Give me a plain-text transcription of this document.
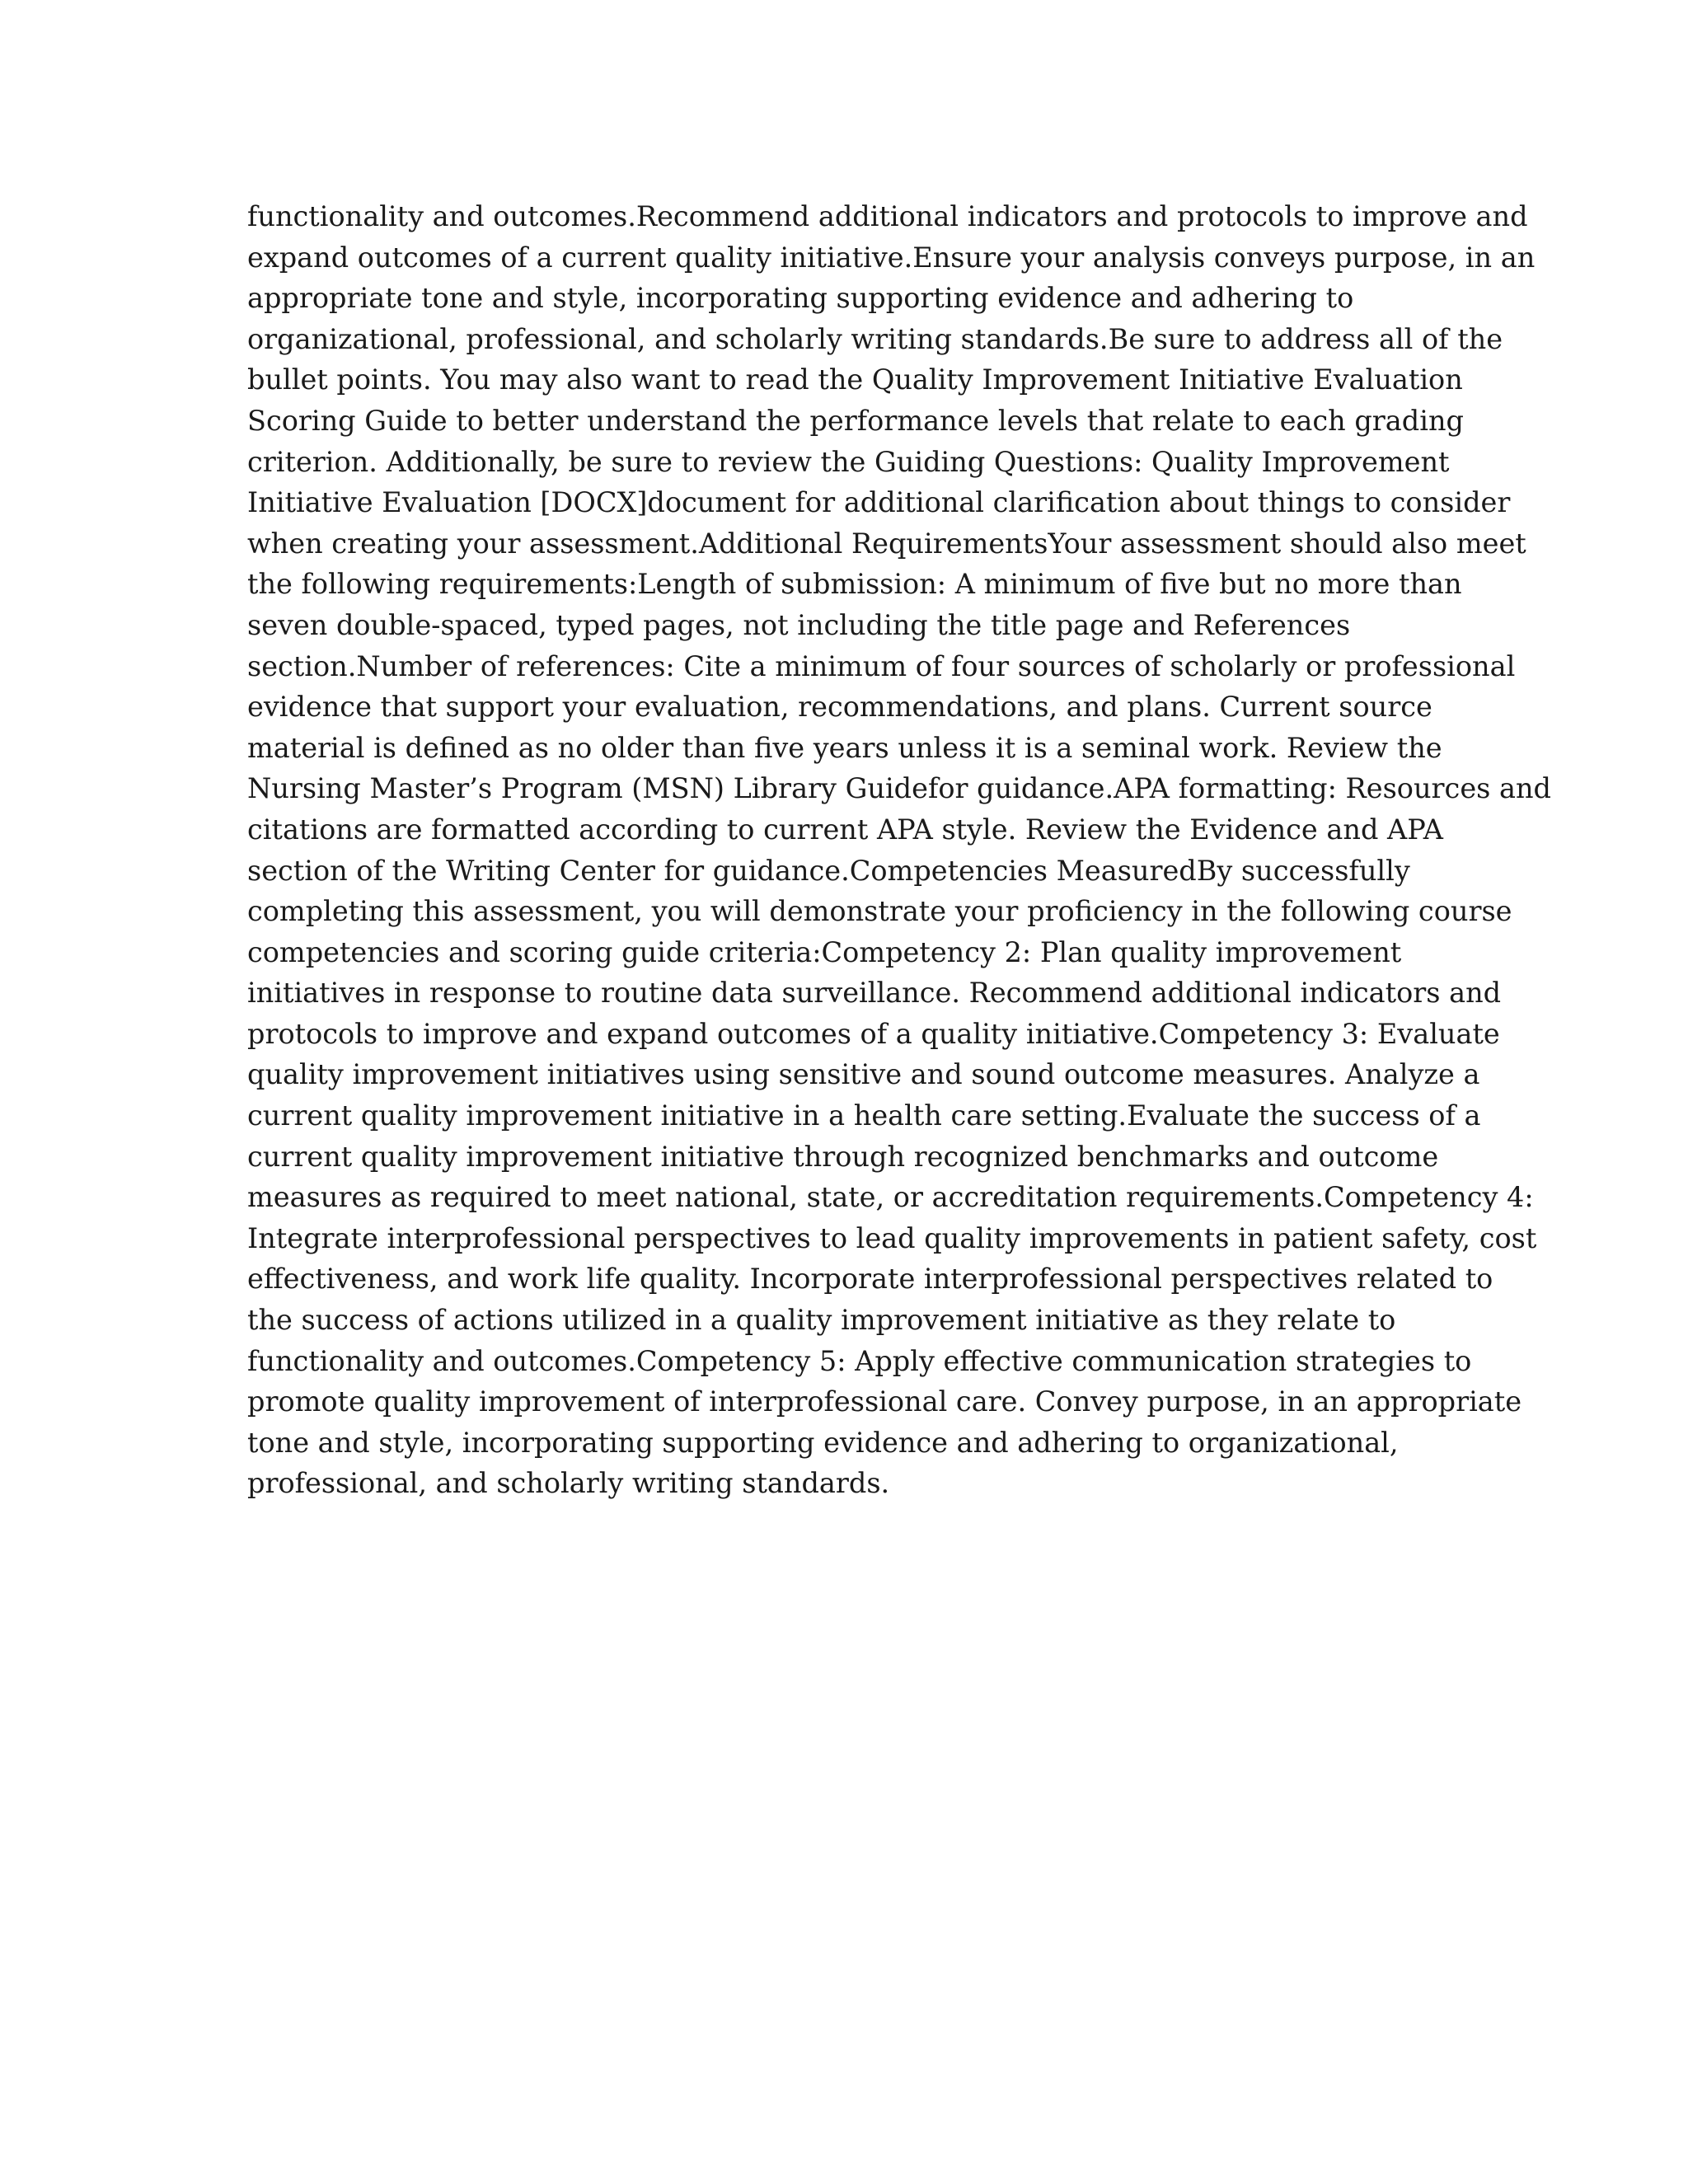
functionality and outcomes.Recommend additional indicators and protocols to improve and
expand outcomes of a current quality initiative.Ensure your analysis conveys purpose, in an
appropriate tone and style, incorporating supporting evidence and adhering to
organizational, professional, and scholarly writing standards.Be sure to address all of the
bullet points. You may also want to read the Quality Improvement Initiative Evaluation
Scoring Guide to better understand the performance levels that relate to each grading
criterion. Additionally, be sure to review the Guiding Questions: Quality Improvement
Initiative Evaluation [DOCX]document for additional clarification about things to consider
when creating your assessment.Additional RequirementsYour assessment should also meet
the following requirements:Length of submission: A minimum of five but no more than
seven double-spaced, typed pages, not including the title page and References
section.Number of references: Cite a minimum of four sources of scholarly or professional
evidence that support your evaluation, recommendations, and plans. Current source
material is defined as no older than five years unless it is a seminal work. Review the
Nursing Master’s Program (MSN) Library Guidefor guidance.APA formatting: Resources and
citations are formatted according to current APA style. Review the Evidence and APA
section of the Writing Center for guidance.Competencies MeasuredBy successfully
completing this assessment, you will demonstrate your proficiency in the following course
competencies and scoring guide criteria:Competency 2: Plan quality improvement
initiatives in response to routine data surveillance. Recommend additional indicators and
protocols to improve and expand outcomes of a quality initiative.Competency 3: Evaluate
quality improvement initiatives using sensitive and sound outcome measures. Analyze a
current quality improvement initiative in a health care setting.Evaluate the success of a
current quality improvement initiative through recognized benchmarks and outcome
measures as required to meet national, state, or accreditation requirements.Competency 4:
Integrate interprofessional perspectives to lead quality improvements in patient safety, cost
effectiveness, and work life quality. Incorporate interprofessional perspectives related to
the success of actions utilized in a quality improvement initiative as they relate to
functionality and outcomes.Competency 5: Apply effective communication strategies to
promote quality improvement of interprofessional care. Convey purpose, in an appropriate
tone and style, incorporating supporting evidence and adhering to organizational,
professional, and scholarly writing standards.
